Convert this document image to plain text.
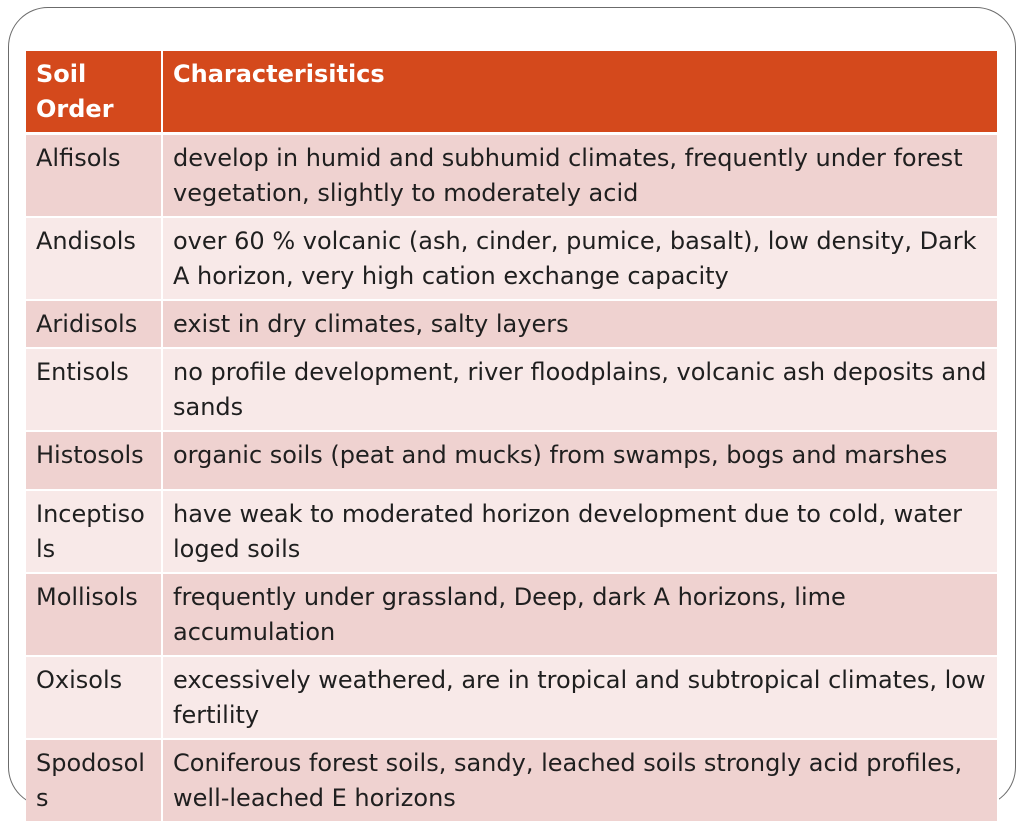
Soil Order	Characterisitics
Alfisols	develop in humid and subhumid climates, frequently under forest vegetation, slightly to moderately acid
Andisols	over 60 % volcanic (ash, cinder, pumice, basalt), low density, Dark A horizon, very high cation exchange capacity
Aridisols	exist in dry climates, salty layers
Entisols	no profile development, river floodplains, volcanic ash deposits and sands
Histosols	organic soils (peat and mucks) from swamps, bogs and marshes
Inceptisols	have weak to moderated horizon development due to cold, water loged soils
Mollisols	frequently under grassland, Deep, dark A horizons, lime accumulation
Oxisols	excessively weathered, are in tropical and subtropical climates, low fertility
Spodosols	Coniferous forest soils, sandy, leached soils strongly acid profiles, well-leached E horizons
